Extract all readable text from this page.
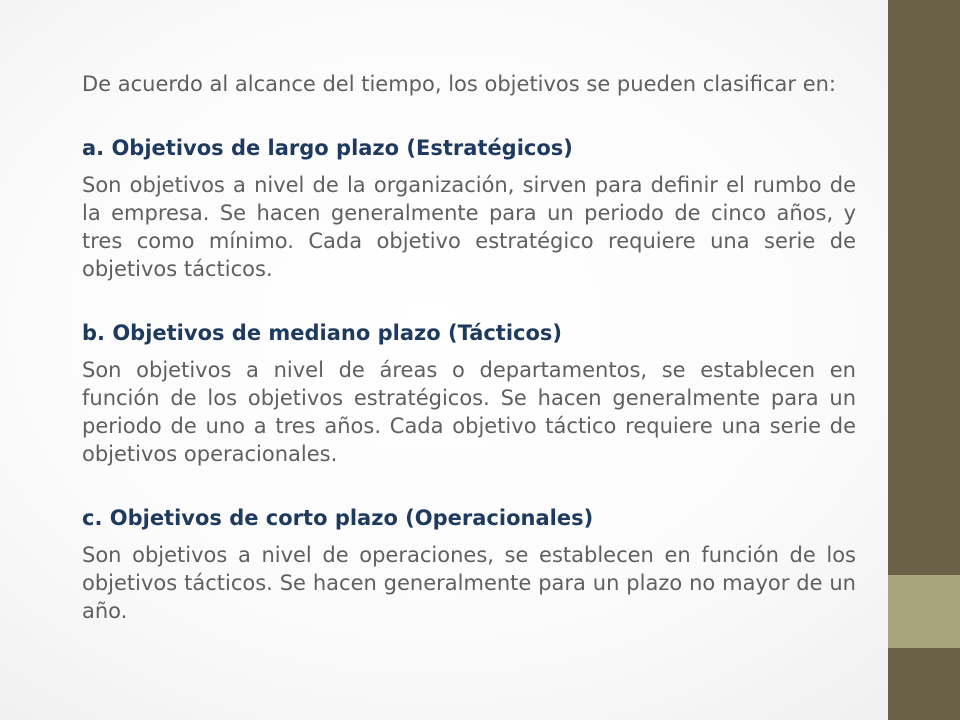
De acuerdo al alcance del tiempo, los objetivos se pueden clasificar en:

a. Objetivos de largo plazo (Estratégicos)

Son objetivos a nivel de la organización, sirven para definir el rumbo de la empresa. Se hacen generalmente para un periodo de cinco años, y tres como mínimo. Cada objetivo estratégico requiere una serie de objetivos tácticos.

b. Objetivos de mediano plazo (Tácticos)

Son objetivos a nivel de áreas o departamentos, se establecen en función de los objetivos estratégicos. Se hacen generalmente para un periodo de uno a tres años. Cada objetivo táctico requiere una serie de objetivos operacionales.

c. Objetivos de corto plazo (Operacionales)

Son objetivos a nivel de operaciones, se establecen en función de los objetivos tácticos. Se hacen generalmente para un plazo no mayor de un año.
